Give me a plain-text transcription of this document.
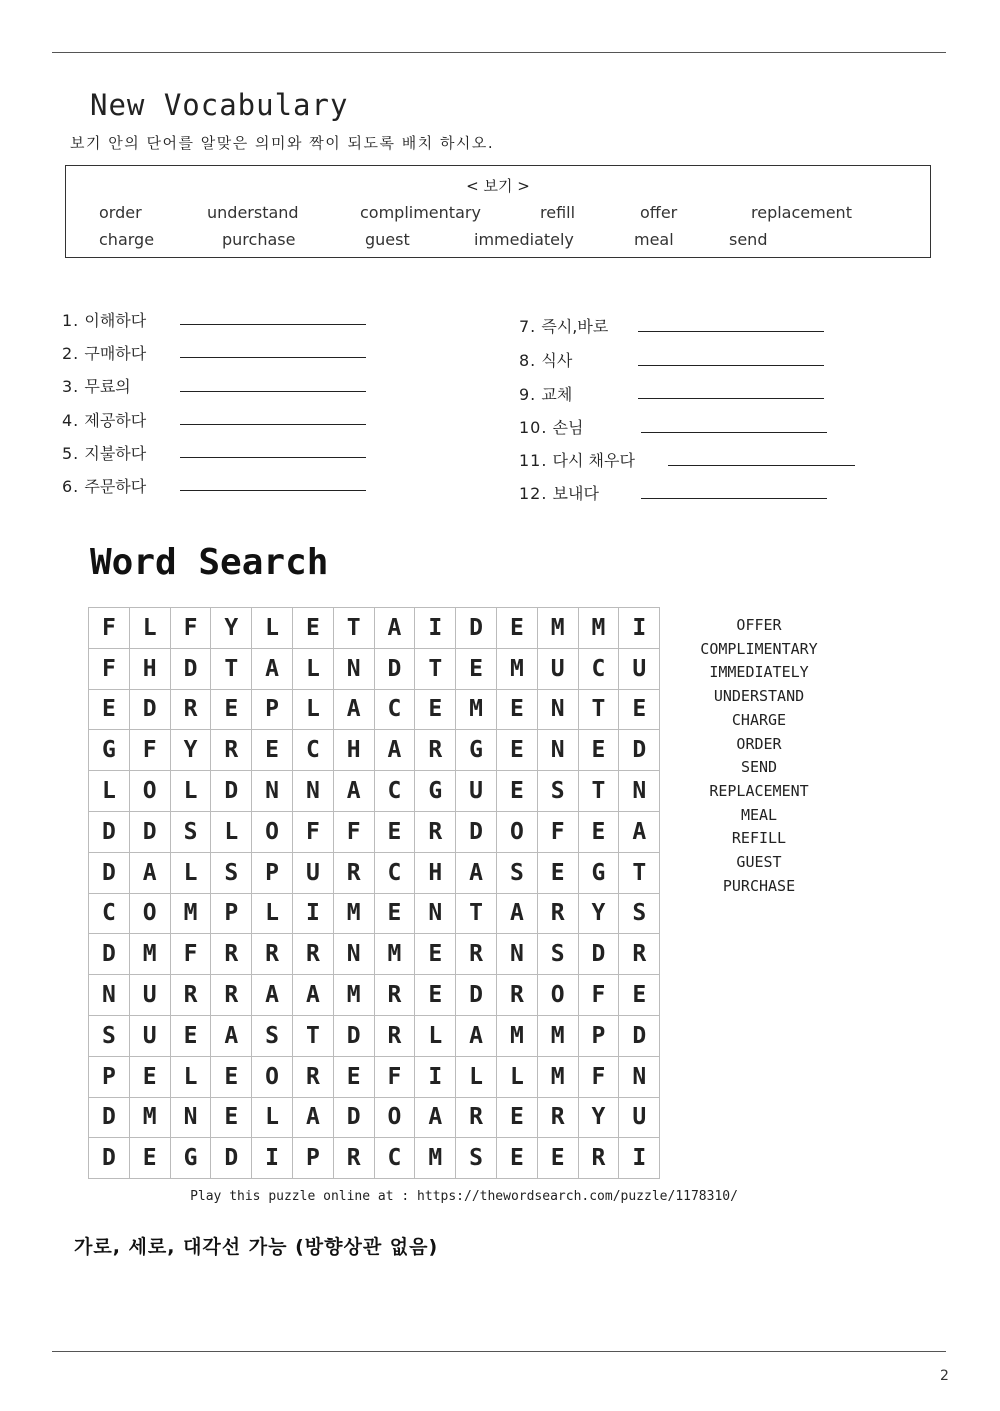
New Vocabulary
보기 안의 단어를 알맞은 의미와 짝이 되도록 배치 하시오.
< 보기 >
order	understand	complimentary	refill	offer	replacement
charge	purchase	guest	immediately	meal	send
1. 이해하다
2. 구매하다
3. 무료의
4. 제공하다
5. 지불하다
6. 주문하다
7. 즉시,바로
8. 식사
9. 교체
10. 손님
11. 다시 채우다
12. 보내다
Word Search
F	L	F	Y	L	E	T	A	I	D	E	M	M	I
F	H	D	T	A	L	N	D	T	E	M	U	C	U
E	D	R	E	P	L	A	C	E	M	E	N	T	E
G	F	Y	R	E	C	H	A	R	G	E	N	E	D
L	O	L	D	N	N	A	C	G	U	E	S	T	N
D	D	S	L	O	F	F	E	R	D	O	F	E	A
D	A	L	S	P	U	R	C	H	A	S	E	G	T
C	O	M	P	L	I	M	E	N	T	A	R	Y	S
D	M	F	R	R	R	N	M	E	R	N	S	D	R
N	U	R	R	A	A	M	R	E	D	R	O	F	E
S	U	E	A	S	T	D	R	L	A	M	M	P	D
P	E	L	E	O	R	E	F	I	L	L	M	F	N
D	M	N	E	L	A	D	O	A	R	E	R	Y	U
D	E	G	D	I	P	R	C	M	S	E	E	R	I
OFFER
COMPLIMENTARY
IMMEDIATELY
UNDERSTAND
CHARGE
ORDER
SEND
REPLACEMENT
MEAL
REFILL
GUEST
PURCHASE
Play this puzzle online at : https://thewordsearch.com/puzzle/1178310/
가로, 세로, 대각선 가능 (방향상관 없음)
2
